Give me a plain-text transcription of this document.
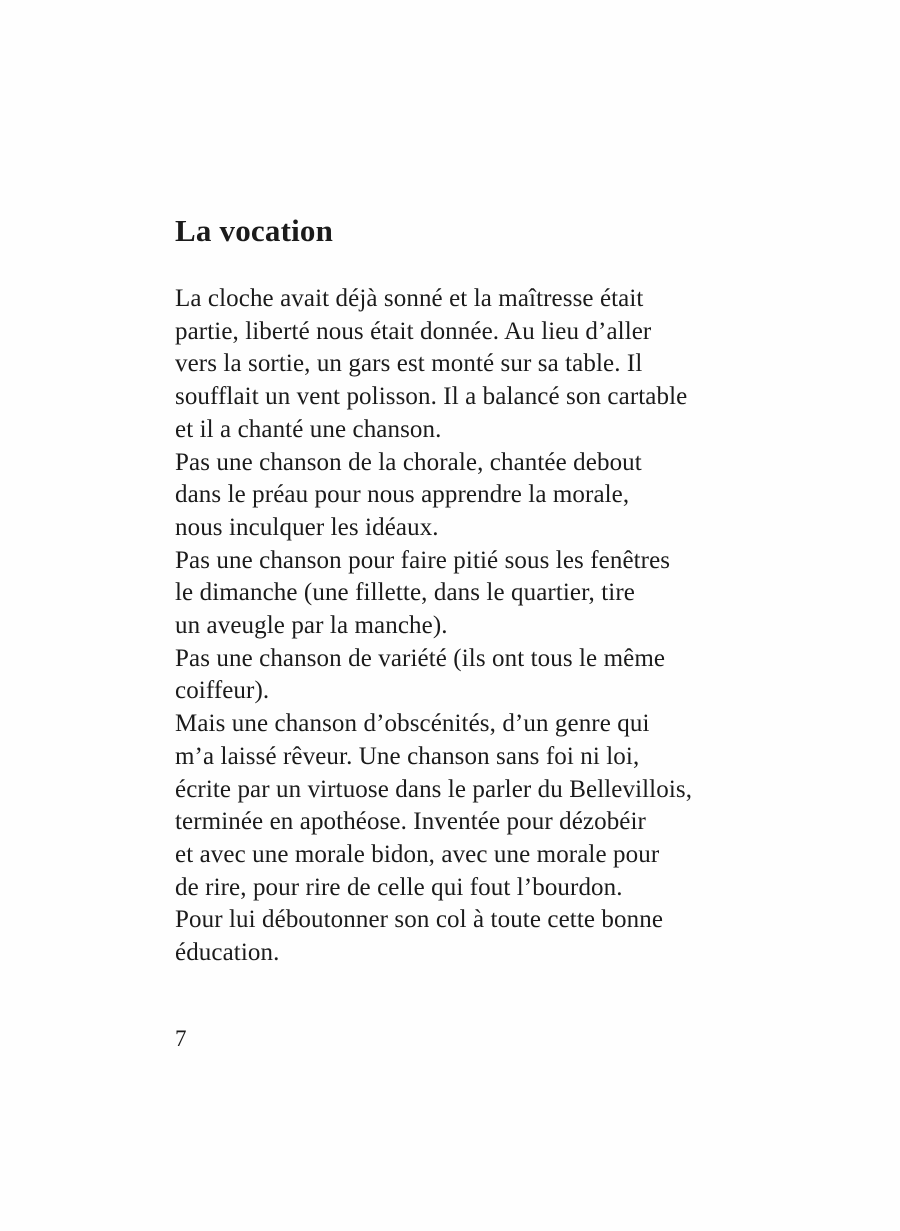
La vocation
La cloche avait déjà sonné et la maîtresse était
partie, liberté nous était donnée. Au lieu d’aller
vers la sortie, un gars est monté sur sa table. Il
soufflait un vent polisson. Il a balancé son cartable
et il a chanté une chanson.
Pas une chanson de la chorale, chantée debout
dans le préau pour nous apprendre la morale,
nous inculquer les idéaux.
Pas une chanson pour faire pitié sous les fenêtres
le dimanche (une fillette, dans le quartier, tire
un aveugle par la manche).
Pas une chanson de variété (ils ont tous le même
coiffeur).
Mais une chanson d’obscénités, d’un genre qui
m’a laissé rêveur. Une chanson sans foi ni loi,
écrite par un virtuose dans le parler du Bellevillois,
terminée en apothéose. Inventée pour dézobéir
et avec une morale bidon, avec une morale pour
de rire, pour rire de celle qui fout l’bourdon.
Pour lui déboutonner son col à toute cette bonne
éducation.
7
